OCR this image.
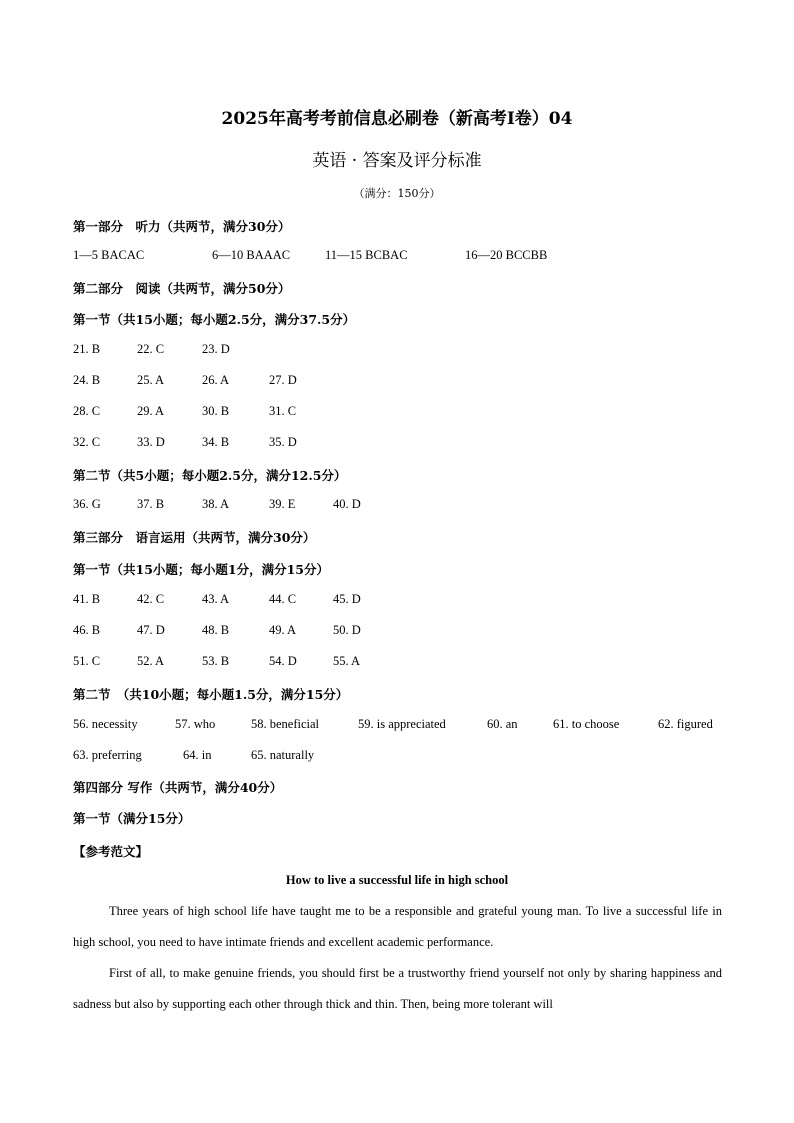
2025年高考考前信息必刷卷（新高考I卷）04
英语 · 答案及评分标准
（满分：150分）
第一部分　听力（共两节，满分30分）
1—5 BACAC	6—10 BAAAC	11—15 BCBAC	16—20 BCCBB
第二部分　阅读（共两节，满分50分）
第一节（共15小题；每小题2.5分，满分37.5分）
21. B	22. C	23. D
24. B	25. A	26. A	27. D
28. C	29. A	30. B	31. C
32. C	33. D	34. B	35. D
第二节（共5小题；每小题2.5分，满分12.5分）
36. G	37. B	38. A	39. E	40. D
第三部分　语言运用（共两节，满分30分）
第一节（共15小题；每小题1分，满分15分）
41. B	42. C	43. A	44. C	45. D
46. B	47. D	48. B	49. A	50. D
51. C	52. A	53. B	54. D	55. A
第二节　（共10小题；每小题1.5分，满分15分）
56. necessity	57. who	58. beneficial	59. is appreciated	60. an	61. to choose	62. figured
63. preferring	64. in	65. naturally
第四部分 写作（共两节，满分40分）
第一节（满分15分）
【参考范文】
How to live a successful life in high school
Three years of high school life have taught me to be a responsible and grateful young man. To live a successful life in high school, you need to have intimate friends and excellent academic performance.
First of all, to make genuine friends, you should first be a trustworthy friend yourself not only by sharing happiness and sadness but also by supporting each other through thick and thin. Then, being more tolerant will
